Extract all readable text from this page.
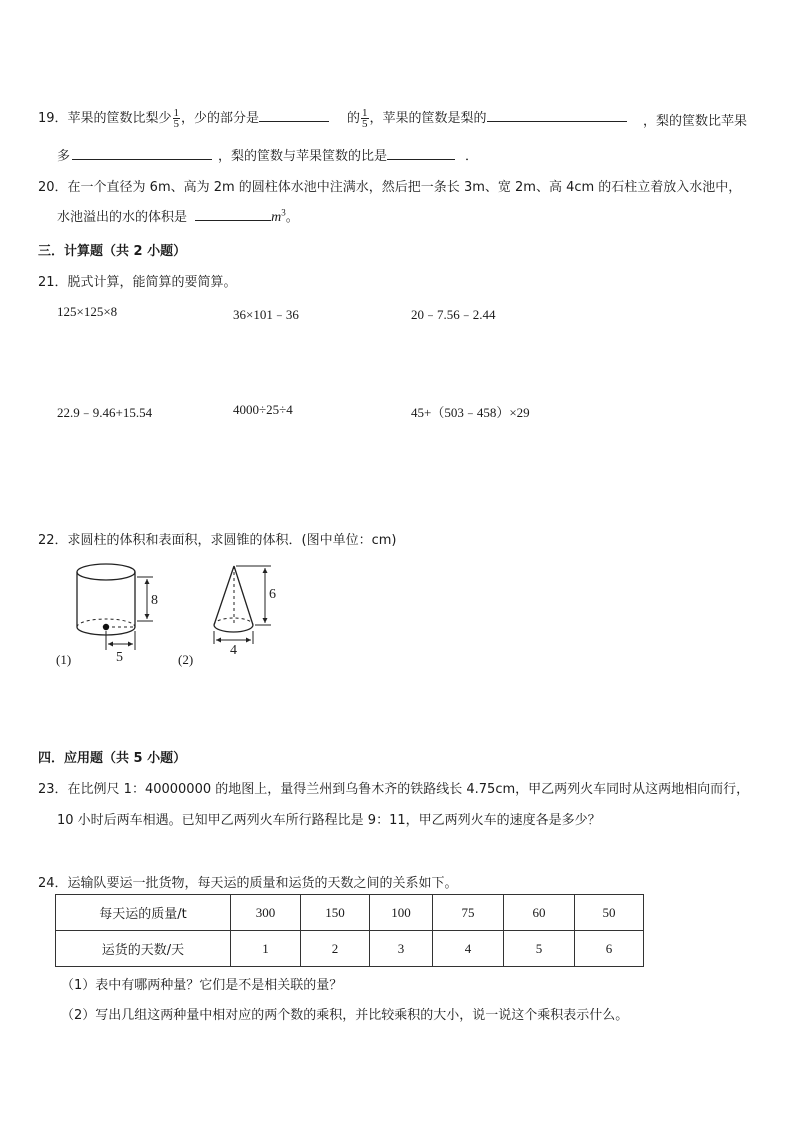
19．苹果的筐数比梨少 $\frac{1}{5}$ ，少的部分是	的 $\frac{1}{5}$ ，苹果的筐数是梨的	，梨的筐数比苹果
多	，梨的筐数与苹果筐数的比是	．
20．在一个直径为 6m、高为 2m 的圆柱体水池中注满水，然后把一条长 3m、宽 2m、高 4cm 的石柱立着放入水池中，
水池溢出的水的体积是	$m^3$。
三．计算题（共 2 小题）
21．脱式计算，能简算的要简算。
125×125×8	36×101﹣36	20﹣7.56﹣2.44
22.9﹣9.46+15.54	4000÷25÷4	45+（503﹣458）×29
22．求圆柱的体积和表面积，求圆锥的体积．(图中单位：cm)
8
5
(1)
6
4
(2)
四．应用题（共 5 小题）
23．在比例尺 1：40000000 的地图上，量得兰州到乌鲁木齐的铁路线长 4.75cm，甲乙两列火车同时从这两地相向而行，
10 小时后两车相遇。已知甲乙两列火车所行路程比是 9：11，甲乙两列火车的速度各是多少？
24．运输队要运一批货物，每天运的质量和运货的天数之间的关系如下。
每天运的质量/t	300	150	100	75	60	50
运货的天数/天	1	2	3	4	5	6
（1）表中有哪两种量？它们是不是相关联的量？
（2）写出几组这两种量中相对应的两个数的乘积，并比较乘积的大小，说一说这个乘积表示什么。
